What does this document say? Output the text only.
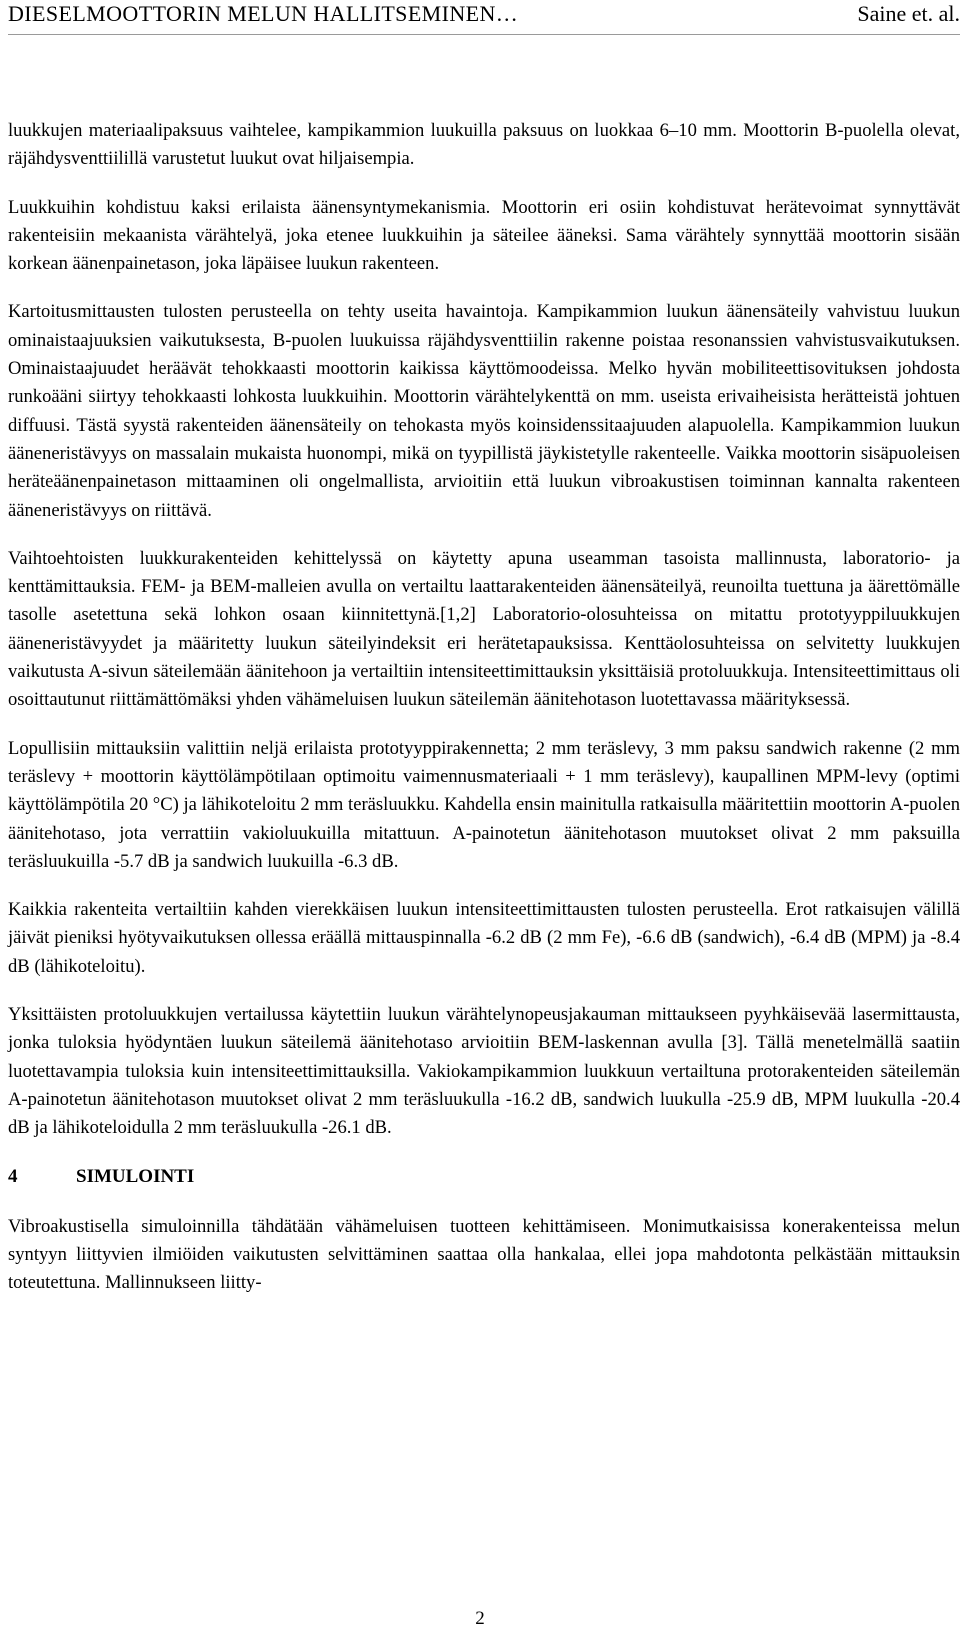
DIESELMOOTTORIN MELUN HALLITSEMINEN…	Saine et. al.

luukkujen materiaalipaksuus vaihtelee, kampikammion luukuilla paksuus on luokkaa 6–10 mm. Moottorin B-puolella olevat, räjähdysventtiilillä varustetut luukut ovat hiljaisempia.

Luukkuihin kohdistuu kaksi erilaista äänensyntymekanismia. Moottorin eri osiin kohdistuvat herätevoimat synnyttävät rakenteisiin mekaanista värähtelyä, joka etenee luukkuihin ja säteilee ääneksi. Sama värähtely synnyttää moottorin sisään korkean äänenpainetason, joka läpäisee luukun rakenteen.

Kartoitusmittausten tulosten perusteella on tehty useita havaintoja. Kampikammion luukun äänensäteily vahvistuu luukun ominaistaajuuksien vaikutuksesta, B-puolen luukuissa räjähdysventtiilin rakenne poistaa resonanssien vahvistusvaikutuksen. Ominaistaajuudet heräävät tehokkaasti moottorin kaikissa käyttömoodeissa. Melko hyvän mobiliteettisovituksen johdosta runkoääni siirtyy tehokkaasti lohkosta luukkuihin. Moottorin värähtelykenttä on mm. useista erivaiheisista herätteistä johtuen diffuusi. Tästä syystä rakenteiden äänensäteily on tehokasta myös koinsidenssitaajuuden alapuolella. Kampikammion luukun ääneneristävyys on massalain mukaista huonompi, mikä on tyypillistä jäykistetylle rakenteelle. Vaikka moottorin sisäpuoleisen heräteäänenpainetason mittaaminen oli ongelmallista, arvioitiin että luukun vibroakustisen toiminnan kannalta rakenteen ääneneristävyys on riittävä.

Vaihtoehtoisten luukkurakenteiden kehittelyssä on käytetty apuna useamman tasoista mallinnusta, laboratorio- ja kenttämittauksia. FEM- ja BEM-malleien avulla on vertailtu laattarakenteiden äänensäteilyä, reunoilta tuettuna ja äärettömälle tasolle asetettuna sekä lohkon osaan kiinnitettynä.[1,2] Laboratorio-olosuhteissa on mitattu prototyyppiluukkujen ääneneristävyydet ja määritetty luukun säteilyindeksit eri herätetapauksissa. Kenttäolosuhteissa on selvitetty luukkujen vaikutusta A-sivun säteilemään äänitehoon ja vertailtiin intensiteettimittauksin yksittäisiä protoluukkuja. Intensiteettimittaus oli osoittautunut riittämättömäksi yhden vähämeluisen luukun säteilemän äänitehotason luotettavassa määrityksessä.

Lopullisiin mittauksiin valittiin neljä erilaista prototyyppirakennetta; 2 mm teräslevy, 3 mm paksu sandwich rakenne (2 mm teräslevy + moottorin käyttölämpötilaan optimoitu vaimennusmateriaali + 1 mm teräslevy), kaupallinen MPM-levy (optimi käyttölämpötila 20 °C) ja lähikoteloitu 2 mm teräsluukku. Kahdella ensin mainitulla ratkaisulla määritettiin moottorin A-puolen äänitehotaso, jota verrattiin vakioluukuilla mitattuun. A-painotetun äänitehotason muutokset olivat 2 mm paksuilla teräsluukuilla -5.7 dB ja sandwich luukuilla -6.3 dB.

Kaikkia rakenteita vertailtiin kahden vierekkäisen luukun intensiteettimittausten tulosten perusteella. Erot ratkaisujen välillä jäivät pieniksi hyötyvaikutuksen ollessa eräällä mittauspinnalla -6.2 dB (2 mm Fe), -6.6 dB (sandwich), -6.4 dB (MPM) ja -8.4 dB (lähikoteloitu).

Yksittäisten protoluukkujen vertailussa käytettiin luukun värähtelynopeusjakauman mittaukseen pyyhkäisevää lasermittausta, jonka tuloksia hyödyntäen luukun säteilemä äänitehotaso arvioitiin BEM-laskennan avulla [3]. Tällä menetelmällä saatiin luotettavampia tuloksia kuin intensiteettimittauksilla. Vakiokampikammion luukkuun vertailtuna protorakenteiden säteilemän A-painotetun äänitehotason muutokset olivat 2 mm teräsluukulla -16.2 dB, sandwich luukulla -25.9 dB, MPM luukulla -20.4 dB ja lähikoteloidulla 2 mm teräsluukulla -26.1 dB.

4	SIMULOINTI

Vibroakustisella simuloinnilla tähdätään vähämeluisen tuotteen kehittämiseen. Monimutkaisissa konerakenteissa melun syntyyn liittyvien ilmiöiden vaikutusten selvittäminen saattaa olla hankalaa, ellei jopa mahdotonta pelkästään mittauksin toteutettuna. Mallinnukseen liitty-

2
